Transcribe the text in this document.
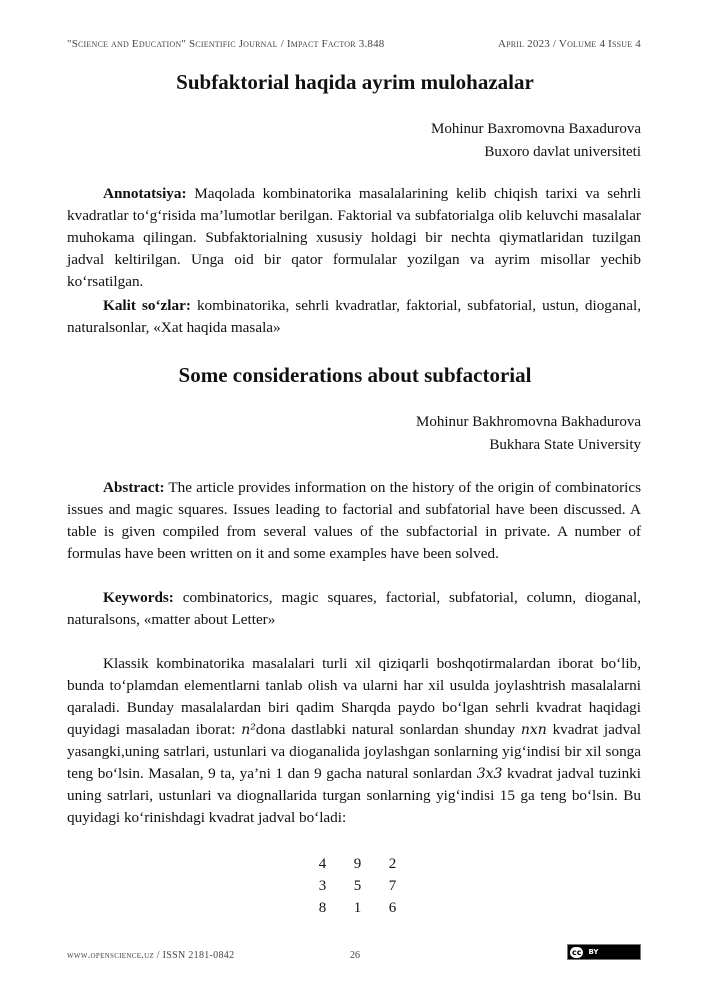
"Science and Education" Scientific Journal / Impact Factor 3.848	April 2023 / Volume 4 Issue 4
Subfaktorial haqida ayrim mulohazalar
Mohinur Baxromovna Baxadurova
Buxoro davlat universiteti
Annotatsiya: Maqolada kombinatorika masalalarining kelib chiqish tarixi va sehrli kvadratlar to‘g‘risida ma’lumotlar berilgan. Faktorial va subfatorialga olib keluvchi masalalar muhokama qilingan. Subfaktorialning xususiy holdagi bir nechta qiymatlaridan tuzilgan jadval keltirilgan. Unga oid bir qator formulalar yozilgan va ayrim misollar yechib ko‘rsatilgan.
Kalit so‘zlar: kombinatorika, sehrli kvadratlar, faktorial, subfatorial, ustun, dioganal, naturalsonlar, «Xat haqida masala»
Some considerations about subfactorial
Mohinur Bakhromovna Bakhadurova
Bukhara State University
Abstract: The article provides information on the history of the origin of combinatorics issues and magic squares. Issues leading to factorial and subfatorial have been discussed. A table is given compiled from several values of the subfactorial in private. A number of formulas have been written on it and some examples have been solved.
Keywords: combinatorics, magic squares, factorial, subfatorial, column, dioganal, naturalsons, «matter about Letter»
Klassik kombinatorika masalalari turli xil qiziqarli boshqotirmalardan iborat bo‘lib, bunda to‘plamdan elementlarni tanlab olish va ularni har xil usulda joylashtrish masalalarni qaraladi. Bunday masalalardan biri qadim Sharqda paydo bo‘lgan sehrli kvadrat haqidagi quyidagi masaladan iborat: n²dona dastlabki natural sonlardan shunday nxn kvadrat jadval yasangki,uning satrlari, ustunlari va dioganalida joylashgan sonlarning yig‘indisi bir xil songa teng bo‘lsin. Masalan, 9 ta, ya’ni 1 dan 9 gacha natural sonlardan 3x3 kvadrat jadval tuzinki uning satrlari, ustunlari va diognallarida turgan sonlarning yig‘indisi 15 ga teng bo‘lsin. Bu quyidagi ko‘rinishdagi kvadrat jadval bo‘ladi:
4	9	2
3	5	7
8	1	6
www.openscience.uz / ISSN 2181-0842	26	cc BY
